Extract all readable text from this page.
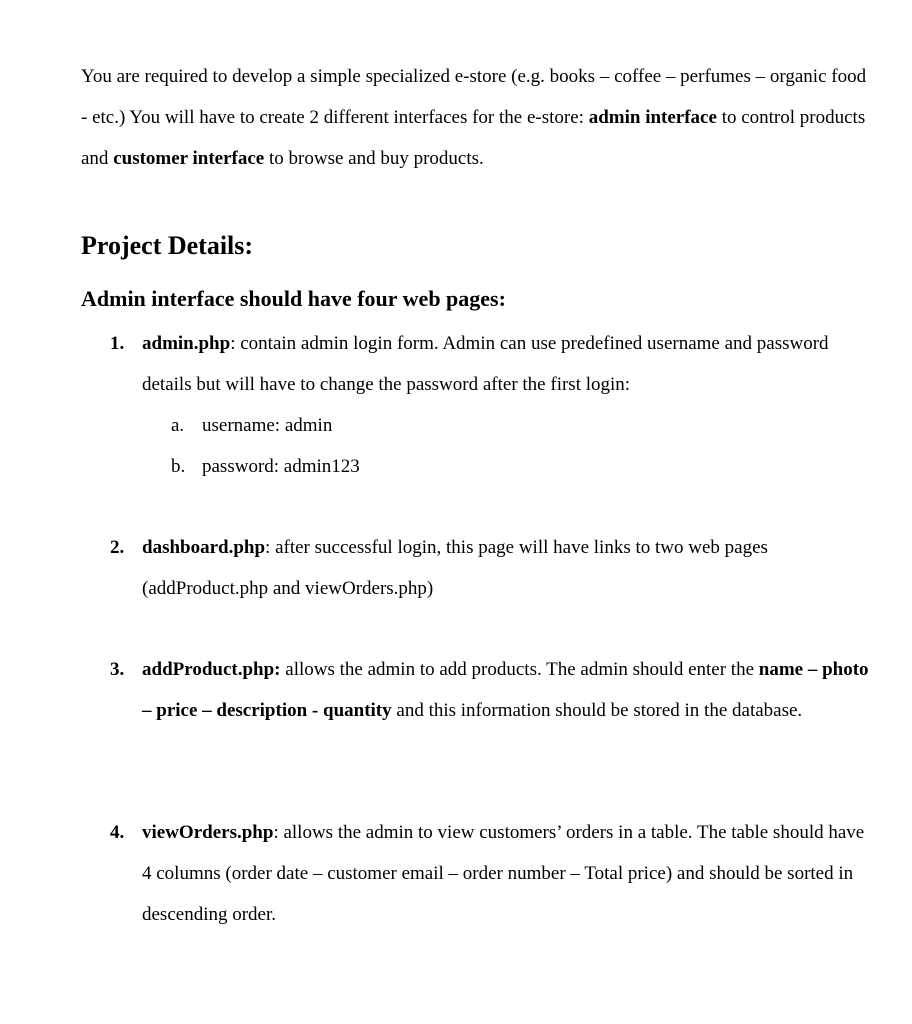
You are required to develop a simple specialized e-store (e.g. books – coffee – perfumes – organic food - etc.) You will have to create 2 different interfaces for the e-store: admin interface to control products and customer interface to browse and buy products.

Project Details:
Admin interface should have four web pages:
1. admin.php: contain admin login form. Admin can use predefined username and password details but will have to change the password after the first login:
a. username: admin
b. password: admin123
2. dashboard.php: after successful login, this page will have links to two web pages (addProduct.php and viewOrders.php)
3. addProduct.php: allows the admin to add products. The admin should enter the name – photo – price – description - quantity and this information should be stored in the database.
4. viewOrders.php: allows the admin to view customers’ orders in a table. The table should have 4 columns (order date – customer email – order number – Total price) and should be sorted in descending order.
